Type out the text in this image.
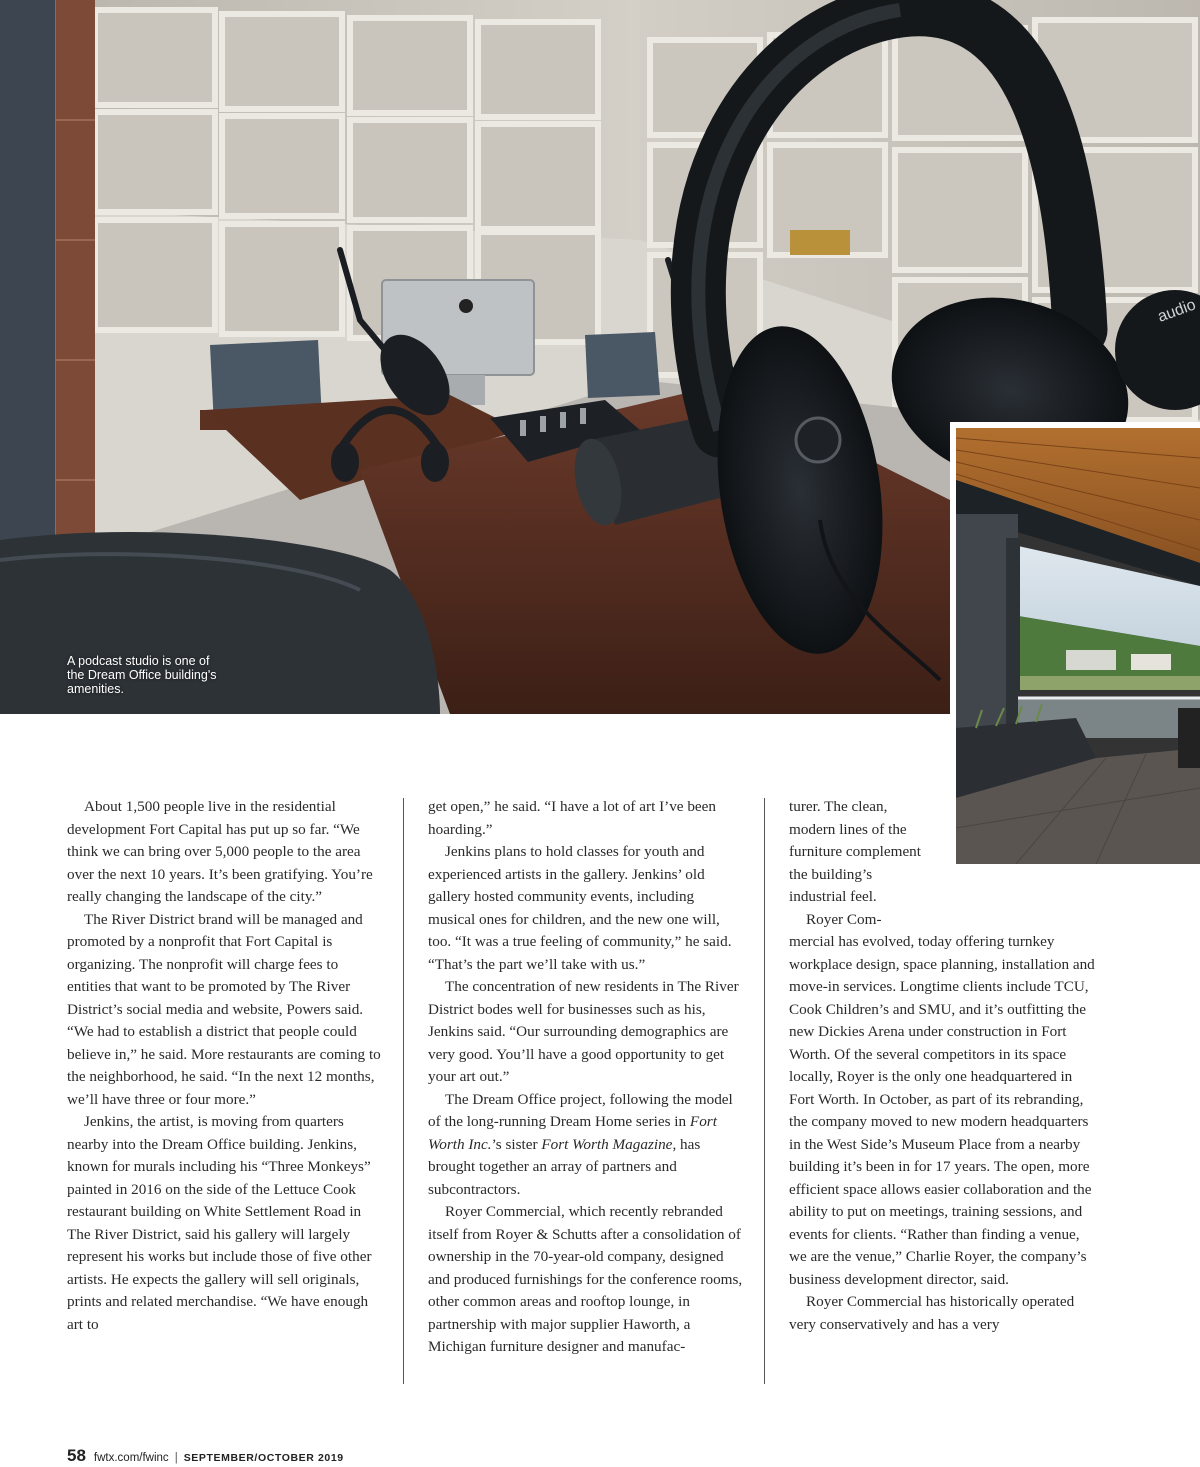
audio
A podcast studio is one of the Dream Office building's amenities.

About 1,500 people live in the residential development Fort Capital has put up so far. “We think we can bring over 5,000 people to the area over the next 10 years. It’s been gratifying. You’re really changing the landscape of the city.”

The River District brand will be managed and promoted by a nonprofit that Fort Capital is organizing. The nonprofit will charge fees to entities that want to be promoted by The River District’s social media and website, Powers said. “We had to establish a district that people could believe in,” he said. More restaurants are coming to the neighborhood, he said. “In the next 12 months, we’ll have three or four more.”

Jenkins, the artist, is moving from quarters nearby into the Dream Office building. Jenkins, known for murals including his “Three Monkeys” painted in 2016 on the side of the Lettuce Cook restaurant building on White Settlement Road in The River District, said his gallery will largely represent his works but include those of five other artists. He expects the gallery will sell originals, prints and related merchandise. “We have enough art to

get open,” he said. “I have a lot of art I’ve been hoarding.”

Jenkins plans to hold classes for youth and experienced artists in the gallery. Jenkins’ old gallery hosted community events, including musical ones for children, and the new one will, too. “It was a true feeling of community,” he said. “That’s the part we’ll take with us.”

The concentration of new residents in The River District bodes well for businesses such as his, Jenkins said. “Our surrounding demographics are very good. You’ll have a good opportunity to get your art out.”

The Dream Office project, following the model of the long-running Dream Home series in Fort Worth Inc.’s sister Fort Worth Magazine, has brought together an array of partners and subcontractors.

Royer Commercial, which recently rebranded itself from Royer & Schutts after a consolidation of ownership in the 70-year-old company, designed and produced furnishings for the conference rooms, other common areas and rooftop lounge, in partnership with major supplier Haworth, a Michigan furniture designer and manufac-

turer. The clean, modern lines of the furniture complement the building’s industrial feel.

Royer Com-

mercial has evolved, today offering turnkey workplace design, space planning, installation and move-in services. Longtime clients include TCU, Cook Children’s and SMU, and it’s outfitting the new Dickies Arena under construction in Fort Worth. Of the several competitors in its space locally, Royer is the only one headquartered in Fort Worth. In October, as part of its rebranding, the company moved to new modern headquarters in the West Side’s Museum Place from a nearby building it’s been in for 17 years. The open, more efficient space allows easier collaboration and the ability to put on meetings, training sessions, and events for clients. “Rather than finding a venue, we are the venue,” Charlie Royer, the company’s business development director, said.

Royer Commercial has historically operated very conservatively and has a very

58 fwtx.com/fwinc | SEPTEMBER/OCTOBER 2019
